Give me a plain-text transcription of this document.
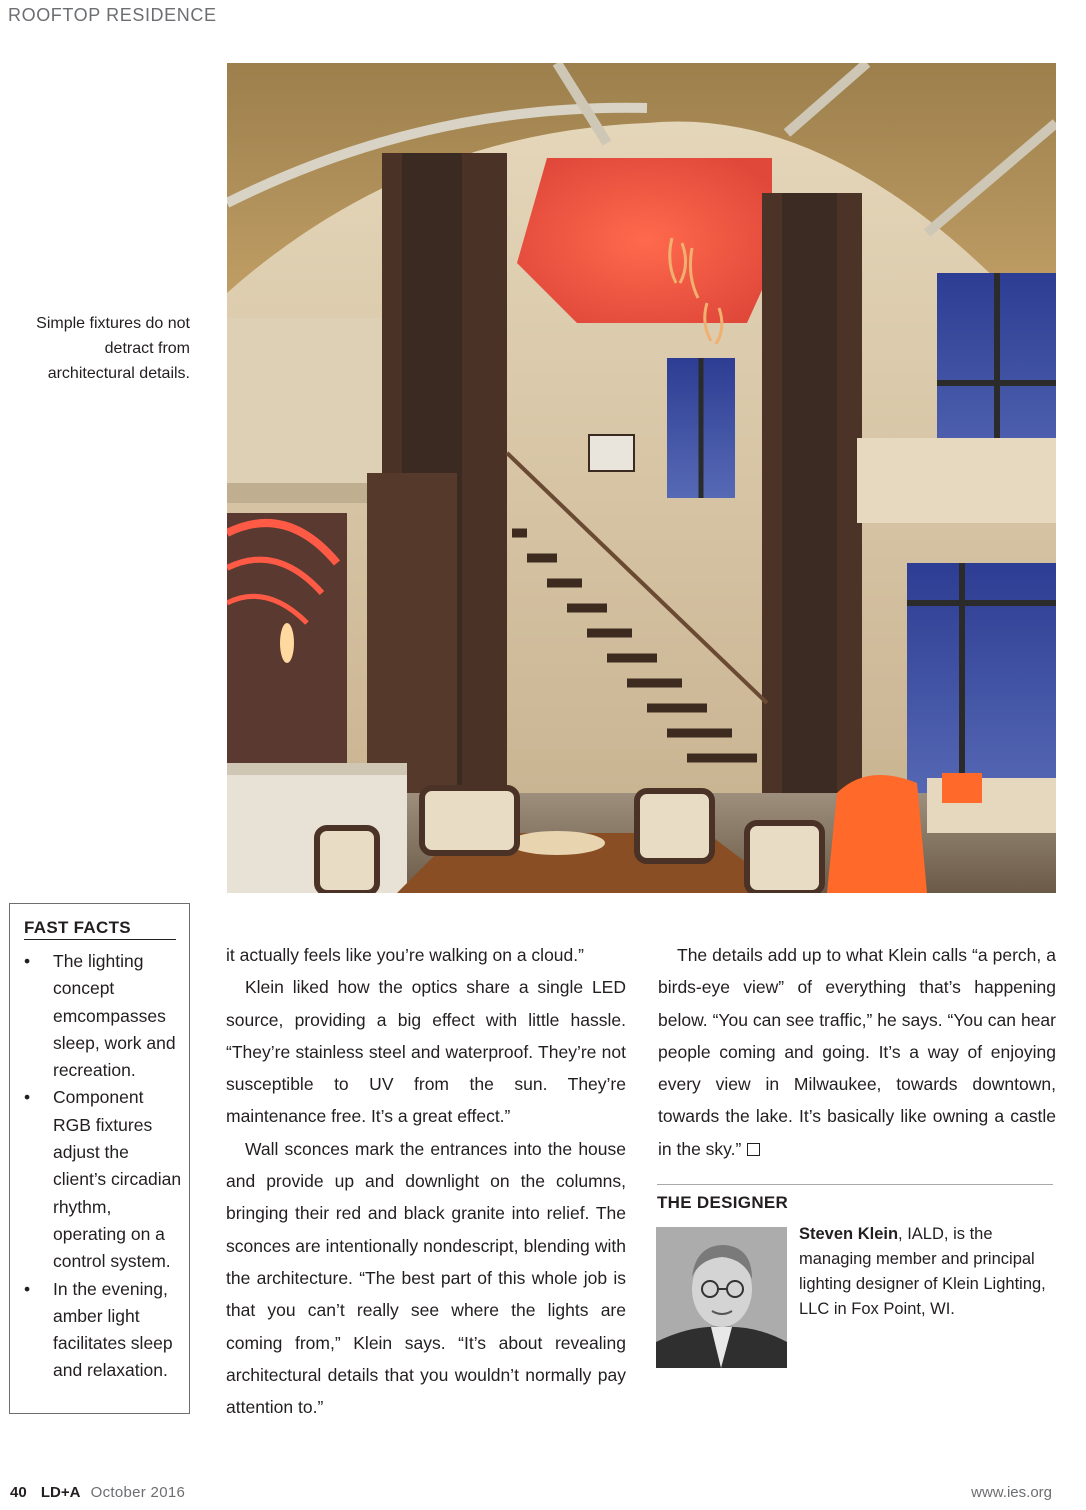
ROOFTOP RESIDENCE
Simple fixtures do not detract from architectural details.
FAST FACTS
• The lighting concept emcompasses sleep, work and recreation.
• Component RGB fixtures adjust the client’s circadian rhythm, operating on a control system.
• In the evening, amber light facilitates sleep and relaxation.

it actually feels like you’re walking on a cloud.”

Klein liked how the optics share a single LED source, providing a big effect with little hassle. “They’re stainless steel and waterproof. They’re not susceptible to UV from the sun. They’re maintenance free. It’s a great effect.”

Wall sconces mark the entrances into the house and provide up and downlight on the columns, bringing their red and black granite into relief. The sconces are intentionally nondescript, blending with the architecture. “The best part of this whole job is that you can’t really see where the lights are coming from,” Klein says. “It’s about revealing architectural details that you wouldn’t normally pay attention to.”

The details add up to what Klein calls “a perch, a birds-eye view” of everything that’s happening below. “You can see traffic,” he says. “You can hear people coming and going. It’s a way of enjoying every view in Milwaukee, towards downtown, towards the lake. It’s basically like owning a castle in the sky.”

THE DESIGNER
Steven Klein, IALD, is the managing member and principal lighting designer of Klein Lighting, LLC in Fox Point, WI.
40 LD+A October 2016	www.ies.org
